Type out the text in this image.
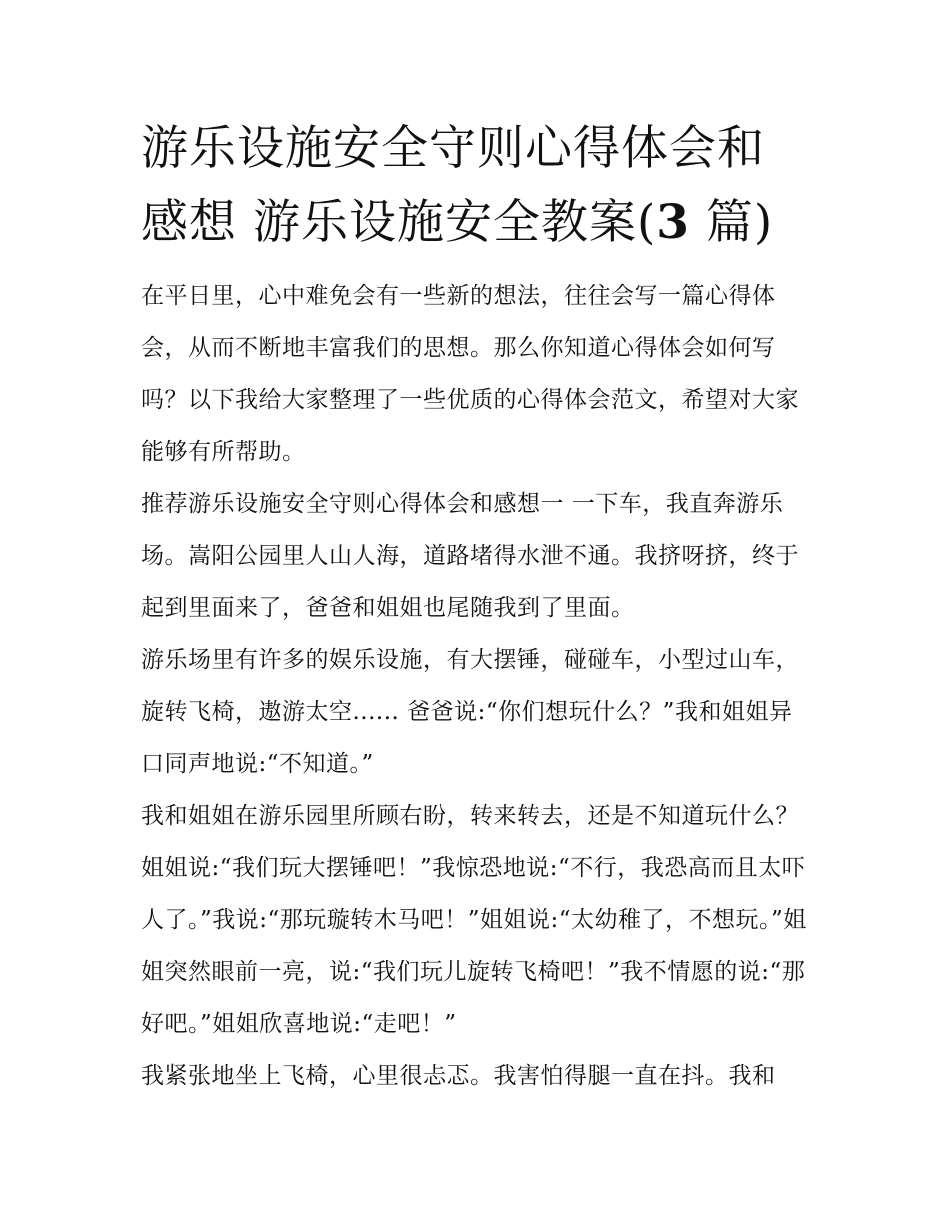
游乐设施安全守则心得体会和
感想 游乐设施安全教案(3 篇)

在平日里，心中难免会有一些新的想法，往往会写一篇心得体会，从而不断地丰富我们的思想。那么你知道心得体会如何写吗？以下我给大家整理了一些优质的心得体会范文，希望对大家能够有所帮助。

推荐游乐设施安全守则心得体会和感想一 一下车，我直奔游乐场。嵩阳公园里人山人海，道路堵得水泄不通。我挤呀挤，终于起到里面来了，爸爸和姐姐也尾随我到了里面。

游乐场里有许多的娱乐设施，有大摆锤，碰碰车，小型过山车，旋转飞椅，遨游太空...... 爸爸说:“你们想玩什么？”我和姐姐异口同声地说:“不知道。”

我和姐姐在游乐园里所顾右盼，转来转去，还是不知道玩什么？姐姐说:“我们玩大摆锤吧！”我惊恐地说:“不行，我恐高而且太吓人了。”我说:“那玩璇转木马吧！”姐姐说:“太幼稚了，不想玩。”姐姐突然眼前一亮，说:“我们玩儿旋转飞椅吧！”我不情愿的说:“那好吧。”姐姐欣喜地说:“走吧！”

我紧张地坐上飞椅，心里很忐忑。我害怕得腿一直在抖。我和
